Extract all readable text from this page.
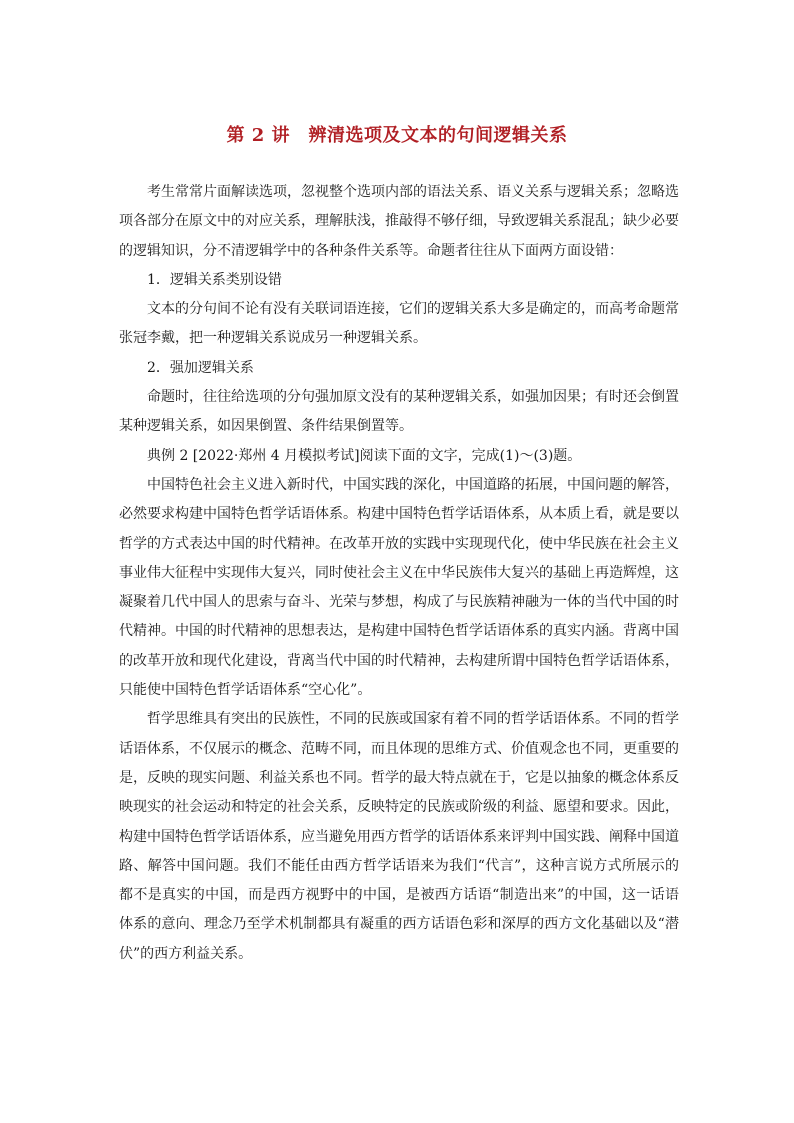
第 2 讲　辨清选项及文本的句间逻辑关系

考生常常片面解读选项，忽视整个选项内部的语法关系、语义关系与逻辑关系；忽略选项各部分在原文中的对应关系，理解肤浅，推敲得不够仔细，导致逻辑关系混乱；缺少必要的逻辑知识，分不清逻辑学中的各种条件关系等。命题者往往从下面两方面设错：

1．逻辑关系类别设错

文本的分句间不论有没有关联词语连接，它们的逻辑关系大多是确定的，而高考命题常张冠李戴，把一种逻辑关系说成另一种逻辑关系。

2．强加逻辑关系

命题时，往往给选项的分句强加原文没有的某种逻辑关系，如强加因果；有时还会倒置某种逻辑关系，如因果倒置、条件结果倒置等。

典例 2 [2022·郑州 4 月模拟考试]阅读下面的文字，完成(1)～(3)题。

中国特色社会主义进入新时代，中国实践的深化，中国道路的拓展，中国问题的解答，必然要求构建中国特色哲学话语体系。构建中国特色哲学话语体系，从本质上看，就是要以哲学的方式表达中国的时代精神。在改革开放的实践中实现现代化，使中华民族在社会主义事业伟大征程中实现伟大复兴，同时使社会主义在中华民族伟大复兴的基础上再造辉煌，这凝聚着几代中国人的思索与奋斗、光荣与梦想，构成了与民族精神融为一体的当代中国的时代精神。中国的时代精神的思想表达，是构建中国特色哲学话语体系的真实内涵。背离中国的改革开放和现代化建设，背离当代中国的时代精神，去构建所谓中国特色哲学话语体系，只能使中国特色哲学话语体系“空心化”。

哲学思维具有突出的民族性，不同的民族或国家有着不同的哲学话语体系。不同的哲学话语体系，不仅展示的概念、范畴不同，而且体现的思维方式、价值观念也不同，更重要的是，反映的现实问题、利益关系也不同。哲学的最大特点就在于，它是以抽象的概念体系反映现实的社会运动和特定的社会关系，反映特定的民族或阶级的利益、愿望和要求。因此，构建中国特色哲学话语体系，应当避免用西方哲学的话语体系来评判中国实践、阐释中国道路、解答中国问题。我们不能任由西方哲学话语来为我们“代言”，这种言说方式所展示的都不是真实的中国，而是西方视野中的中国，是被西方话语“制造出来”的中国，这一话语体系的意向、理念乃至学术机制都具有凝重的西方话语色彩和深厚的西方文化基础以及“潜伏”的西方利益关系。
